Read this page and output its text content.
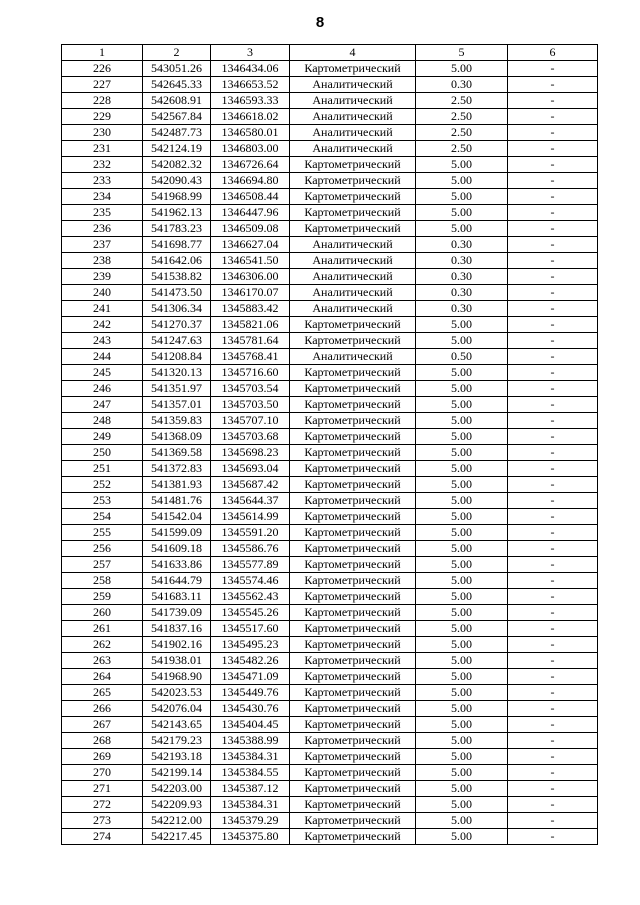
8
1	2	3	4	5	6
226	543051.26	1346434.06	Картометрический	5.00	-
227	542645.33	1346653.52	Аналитический	0.30	-
228	542608.91	1346593.33	Аналитический	2.50	-
229	542567.84	1346618.02	Аналитический	2.50	-
230	542487.73	1346580.01	Аналитический	2.50	-
231	542124.19	1346803.00	Аналитический	2.50	-
232	542082.32	1346726.64	Картометрический	5.00	-
233	542090.43	1346694.80	Картометрический	5.00	-
234	541968.99	1346508.44	Картометрический	5.00	-
235	541962.13	1346447.96	Картометрический	5.00	-
236	541783.23	1346509.08	Картометрический	5.00	-
237	541698.77	1346627.04	Аналитический	0.30	-
238	541642.06	1346541.50	Аналитический	0.30	-
239	541538.82	1346306.00	Аналитический	0.30	-
240	541473.50	1346170.07	Аналитический	0.30	-
241	541306.34	1345883.42	Аналитический	0.30	-
242	541270.37	1345821.06	Картометрический	5.00	-
243	541247.63	1345781.64	Картометрический	5.00	-
244	541208.84	1345768.41	Аналитический	0.50	-
245	541320.13	1345716.60	Картометрический	5.00	-
246	541351.97	1345703.54	Картометрический	5.00	-
247	541357.01	1345703.50	Картометрический	5.00	-
248	541359.83	1345707.10	Картометрический	5.00	-
249	541368.09	1345703.68	Картометрический	5.00	-
250	541369.58	1345698.23	Картометрический	5.00	-
251	541372.83	1345693.04	Картометрический	5.00	-
252	541381.93	1345687.42	Картометрический	5.00	-
253	541481.76	1345644.37	Картометрический	5.00	-
254	541542.04	1345614.99	Картометрический	5.00	-
255	541599.09	1345591.20	Картометрический	5.00	-
256	541609.18	1345586.76	Картометрический	5.00	-
257	541633.86	1345577.89	Картометрический	5.00	-
258	541644.79	1345574.46	Картометрический	5.00	-
259	541683.11	1345562.43	Картометрический	5.00	-
260	541739.09	1345545.26	Картометрический	5.00	-
261	541837.16	1345517.60	Картометрический	5.00	-
262	541902.16	1345495.23	Картометрический	5.00	-
263	541938.01	1345482.26	Картометрический	5.00	-
264	541968.90	1345471.09	Картометрический	5.00	-
265	542023.53	1345449.76	Картометрический	5.00	-
266	542076.04	1345430.76	Картометрический	5.00	-
267	542143.65	1345404.45	Картометрический	5.00	-
268	542179.23	1345388.99	Картометрический	5.00	-
269	542193.18	1345384.31	Картометрический	5.00	-
270	542199.14	1345384.55	Картометрический	5.00	-
271	542203.00	1345387.12	Картометрический	5.00	-
272	542209.93	1345384.31	Картометрический	5.00	-
273	542212.00	1345379.29	Картометрический	5.00	-
274	542217.45	1345375.80	Картометрический	5.00	-
